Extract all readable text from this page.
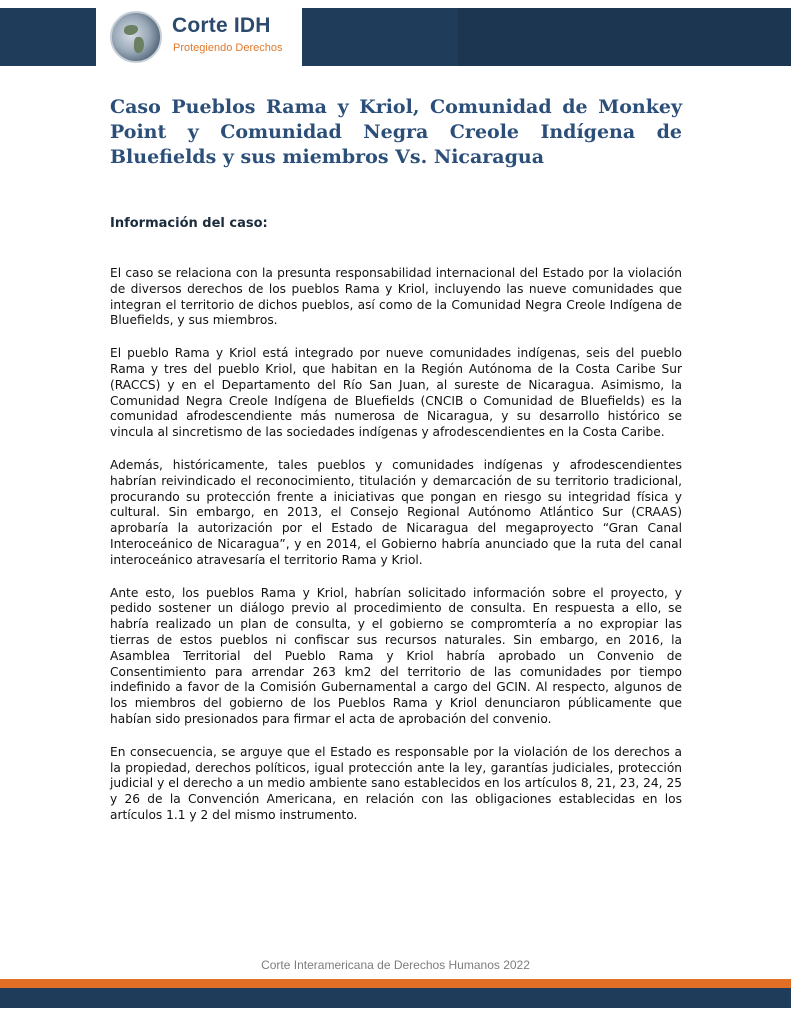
Corte IDH
Protegiendo Derechos
Caso Pueblos Rama y Kriol, Comunidad de Monkey Point y Comunidad Negra Creole Indígena de Bluefields y sus miembros Vs. Nicaragua
Información del caso:

El caso se relaciona con la presunta responsabilidad internacional del Estado por la violación de diversos derechos de los pueblos Rama y Kriol, incluyendo las nueve comunidades que integran el territorio de dichos pueblos, así como de la Comunidad Negra Creole Indígena de Bluefields, y sus miembros.

El pueblo Rama y Kriol está integrado por nueve comunidades indígenas, seis del pueblo Rama y tres del pueblo Kriol, que habitan en la Región Autónoma de la Costa Caribe Sur (RACCS) y en el Departamento del Río San Juan, al sureste de Nicaragua. Asimismo, la Comunidad Negra Creole Indígena de Bluefields (CNCIB o Comunidad de Bluefields) es la comunidad afrodescendiente más numerosa de Nicaragua, y su desarrollo histórico se vincula al sincretismo de las sociedades indígenas y afrodescendientes en la Costa Caribe.

Además, históricamente, tales pueblos y comunidades indígenas y afrodescendientes habrían reivindicado el reconocimiento, titulación y demarcación de su territorio tradicional, procurando su protección frente a iniciativas que pongan en riesgo su integridad física y cultural. Sin embargo, en 2013, el Consejo Regional Autónomo Atlántico Sur (CRAAS) aprobaría la autorización por el Estado de Nicaragua del megaproyecto “Gran Canal Interoceánico de Nicaragua”, y en 2014, el Gobierno habría anunciado que la ruta del canal interoceánico atravesaría el territorio Rama y Kriol.

Ante esto, los pueblos Rama y Kriol, habrían solicitado información sobre el proyecto, y pedido sostener un diálogo previo al procedimiento de consulta. En respuesta a ello, se habría realizado un plan de consulta, y el gobierno se compromtería a no expropiar las tierras de estos pueblos ni confiscar sus recursos naturales. Sin embargo, en 2016, la Asamblea Territorial del Pueblo Rama y Kriol habría aprobado un Convenio de Consentimiento para arrendar 263 km2 del territorio de las comunidades por tiempo indefinido a favor de la Comisión Gubernamental a cargo del GCIN. Al respecto, algunos de los miembros del gobierno de los Pueblos Rama y Kriol denunciaron públicamente que habían sido presionados para firmar el acta de aprobación del convenio.

En consecuencia, se arguye que el Estado es responsable por la violación de los derechos a la propiedad, derechos políticos, igual protección ante la ley, garantías judiciales, protección judicial y el derecho a un medio ambiente sano establecidos en los artículos 8, 21, 23, 24, 25 y 26 de la Convención Americana, en relación con las obligaciones establecidas en los artículos 1.1 y 2 del mismo instrumento.

Corte Interamericana de Derechos Humanos 2022
